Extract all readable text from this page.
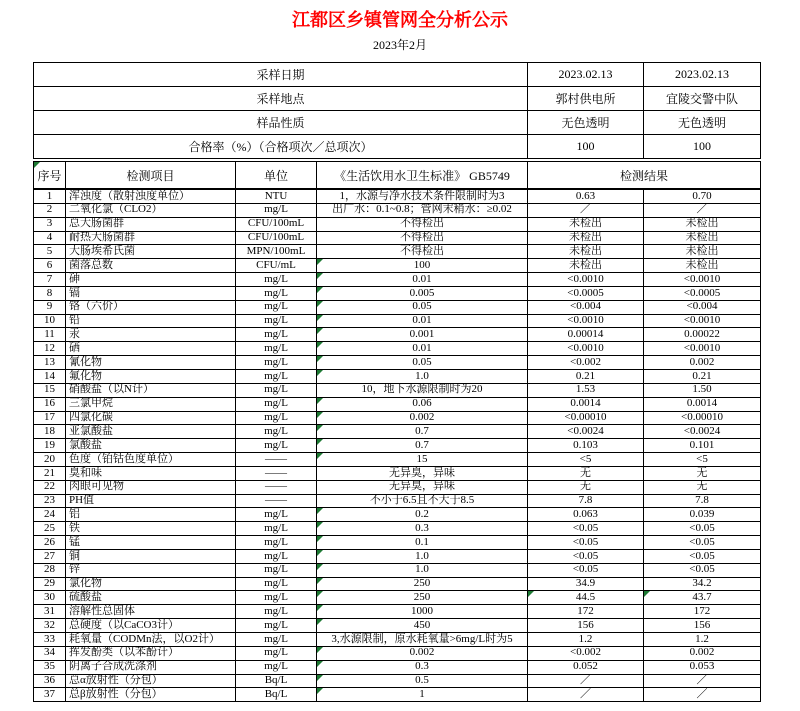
江都区乡镇管网全分析公示
2023年2月
采样日期	2023.02.13	2023.02.13
采样地点	郭村供电所	宜陵交警中队
样品性质	无色透明	无色透明
合格率（%）（合格项次／总项次）	100	100
序号	检测项目	单位	《生活饮用水卫生标准》 GB5749	检测结果	
1	浑浊度（散射浊度单位）	NTU	1，水源与净水技术条件限制时为3	0.63	0.70
2	二氧化氯（CLO2）	mg/L	出厂水：0.1~0.8；管网末稍水：≥0.02	／	／
3	总大肠菌群	CFU/100mL	不得检出	未检出	未检出
4	耐热大肠菌群	CFU/100mL	不得检出	未检出	未检出
5	大肠埃希氏菌	MPN/100mL	不得检出	未检出	未检出
6	菌落总数	CFU/mL	100	未检出	未检出
7	砷	mg/L	0.01	<0.0010	<0.0010
8	镉	mg/L	0.005	<0.0005	<0.0005
9	铬（六价）	mg/L	0.05	<0.004	<0.004
10	铅	mg/L	0.01	<0.0010	<0.0010
11	汞	mg/L	0.001	0.00014	0.00022
12	硒	mg/L	0.01	<0.0010	<0.0010
13	氰化物	mg/L	0.05	<0.002	0.002
14	氟化物	mg/L	1.0	0.21	0.21
15	硝酸盐（以N计）	mg/L	10，地下水源限制时为20	1.53	1.50
16	三氯甲烷	mg/L	0.06	0.0014	0.0014
17	四氯化碳	mg/L	0.002	<0.00010	<0.00010
18	亚氯酸盐	mg/L	0.7	<0.0024	<0.0024
19	氯酸盐	mg/L	0.7	0.103	0.101
20	色度（铂钴色度单位）	——	15	<5	<5
21	臭和味	——	无异臭，异味	无	无
22	肉眼可见物	——	无异臭，异味	无	无
23	PH值	——	不小于6.5且不大于8.5	7.8	7.8
24	铝	mg/L	0.2	0.063	0.039
25	铁	mg/L	0.3	<0.05	<0.05
26	锰	mg/L	0.1	<0.05	<0.05
27	铜	mg/L	1.0	<0.05	<0.05
28	锌	mg/L	1.0	<0.05	<0.05
29	氯化物	mg/L	250	34.9	34.2
30	硫酸盐	mg/L	250	44.5	43.7
31	溶解性总固体	mg/L	1000	172	172
32	总硬度（以CaCO3计）	mg/L	450	156	156
33	耗氧量（CODMn法，以O2计）	mg/L	3,水源限制，原水耗氧量>6mg/L时为5	1.2	1.2
34	挥发酚类（以苯酚计）	mg/L	0.002	<0.002	0.002
35	阴离子合成洗涤剂	mg/L	0.3	0.052	0.053
36	总α放射性（分包）	Bq/L	0.5	／	／
37	总β放射性（分包）	Bq/L	1	／	／
